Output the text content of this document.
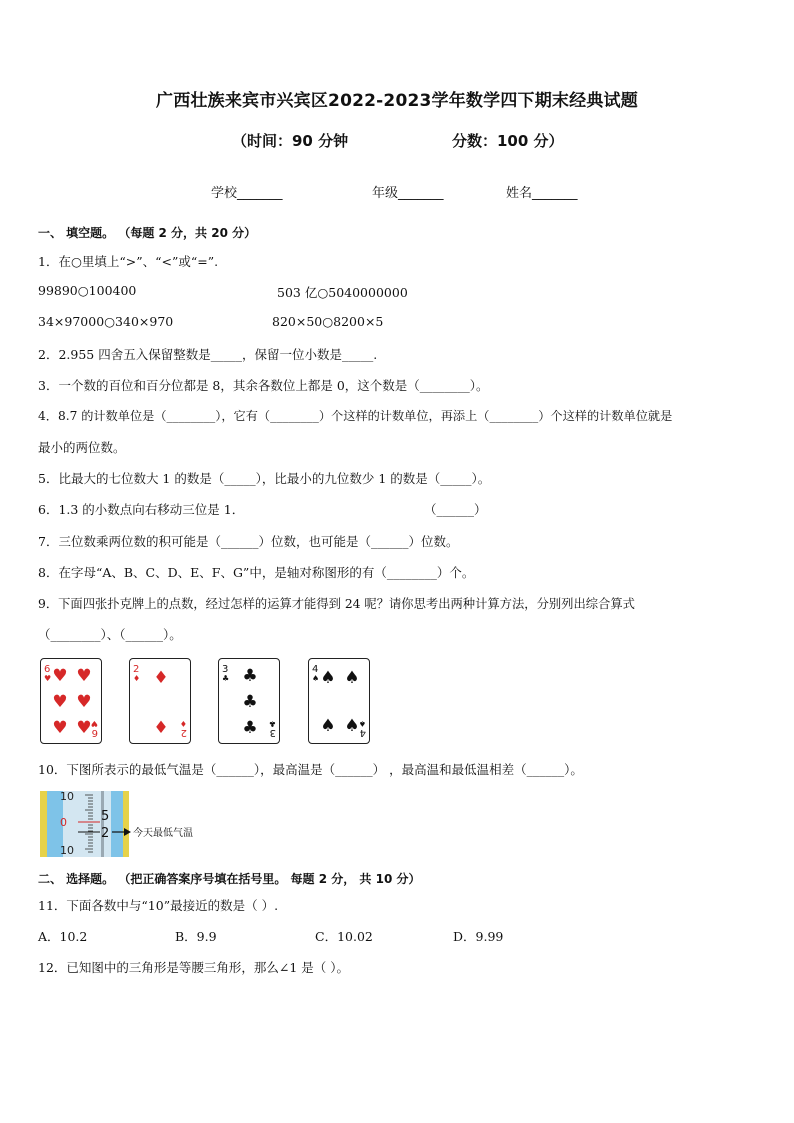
广西壮族来宾市兴宾区2022-2023学年数学四下期末经典试题
（时间：90 分钟	分数：100 分）
学校_______	年级_______	姓名_______
一、 填空题。 （每题 2 分，共 20 分）
1．在○里填上“>”、“<”或“=”.
99890○100400	503 亿○5040000000
34×97000○340×970	820×50○8200×5
2．2.955 四舍五入保留整数是_____，保留一位小数是_____.
3．一个数的百位和百分位都是 8，其余各数位上都是 0，这个数是（________）。
4．8.7 的计数单位是（________），它有（________）个这样的计数单位，再添上（________）个这样的计数单位就是
最小的两位数。
5．比最大的七位数大 1 的数是（_____），比最小的九位数少 1 的数是（_____）。
6．1.3 的小数点向右移动三位是 1．	（______）
7．三位数乘两位数的积可能是（______）位数，也可能是（______）位数。
8．在字母“A、B、C、D、E、F、G”中，是轴对称图形的有（________）个。
9．下面四张扑克牌上的点数，经过怎样的运算才能得到 24 呢？请你思考出两种计算方法，分别列出综合算式
（________）、（______）。
6
♥ ♥ ♥
♥ ♥
♥ ♥ 6
♥
2
♦ ♦
♦ 2
♦
3
♣ ♣
♣
♣ 3
♣
4
♠ ♠ ♠
♠ ♠ 4
♠
10．下图所表示的最低气温是（______），最高温是（______） ，最高温和最低温相差（______）。
10
0
10
5
2 今天最低气温
二、 选择题。 （把正确答案序号填在括号里。 每题 2 分， 共 10 分）
11．下面各数中与“10”最接近的数是（ ）.
A．10.2	B．9.9	C．10.02	D．9.99
12．已知图中的三角形是等腰三角形，那么∠1 是（ ）。
